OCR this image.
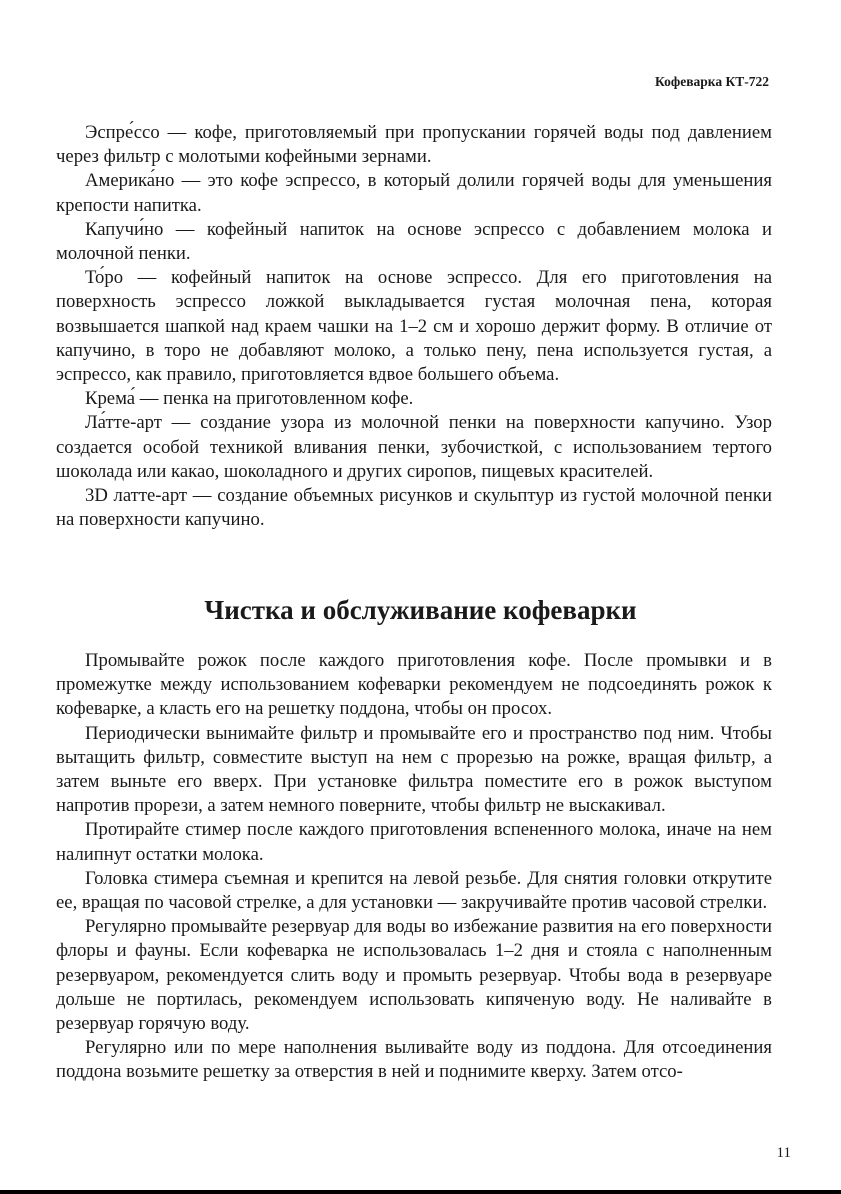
Кофеварка КТ-722

Эспре́ссо — кофе, приготовляемый при пропускании горячей воды под давлением через фильтр с молотыми кофейными зернами.

Америка́но — это кофе эспрессо, в который долили горячей воды для уменьшения крепости напитка.

Капучи́но — кофейный напиток на основе эспрессо с добавлением молока и молочной пенки.

То́ро — кофейный напиток на основе эспрессо. Для его приготовления на поверхность эспрессо ложкой выкладывается густая молочная пена, которая возвышается шапкой над краем чашки на 1–2 см и хорошо держит форму. В отличие от капучино, в торо не добавляют молоко, а только пену, пена используется густая, а эспрессо, как правило, приготовляется вдвое большего объема.

Крема́ — пенка на приготовленном кофе.

Ла́тте-арт — создание узора из молочной пенки на поверхности капучино. Узор создается особой техникой вливания пенки, зубочисткой, с использованием тертого шоколада или какао, шоколадного и других сиропов, пищевых красителей.

3D латте-арт — создание объемных рисунков и скульптур из густой молочной пенки на поверхности капучино.

Чистка и обслуживание кофеварки

Промывайте рожок после каждого приготовления кофе. После промывки и в промежутке между использованием кофеварки рекомендуем не подсоединять рожок к кофеварке, а класть его на решетку поддона, чтобы он просох.

Периодически вынимайте фильтр и промывайте его и пространство под ним. Чтобы вытащить фильтр, совместите выступ на нем с прорезью на рожке, вращая фильтр, а затем выньте его вверх. При установке фильтра поместите его в рожок выступом напротив прорези, а затем немного поверните, чтобы фильтр не выскакивал.

Протирайте стимер после каждого приготовления вспененного молока, иначе на нем налипнут остатки молока.

Головка стимера съемная и крепится на левой резьбе. Для снятия головки открутите ее, вращая по часовой стрелке, а для установки — закручивайте против часовой стрелки.

Регулярно промывайте резервуар для воды во избежание развития на его поверхности флоры и фауны. Если кофеварка не использовалась 1–2 дня и стояла с наполненным резервуаром, рекомендуется слить воду и промыть резервуар. Чтобы вода в резервуаре дольше не портилась, рекомендуем использовать кипяченую воду. Не наливайте в резервуар горячую воду.

Регулярно или по мере наполнения выливайте воду из поддона. Для отсоединения поддона возьмите решетку за отверстия в ней и поднимите кверху. Затем отсо-

11
